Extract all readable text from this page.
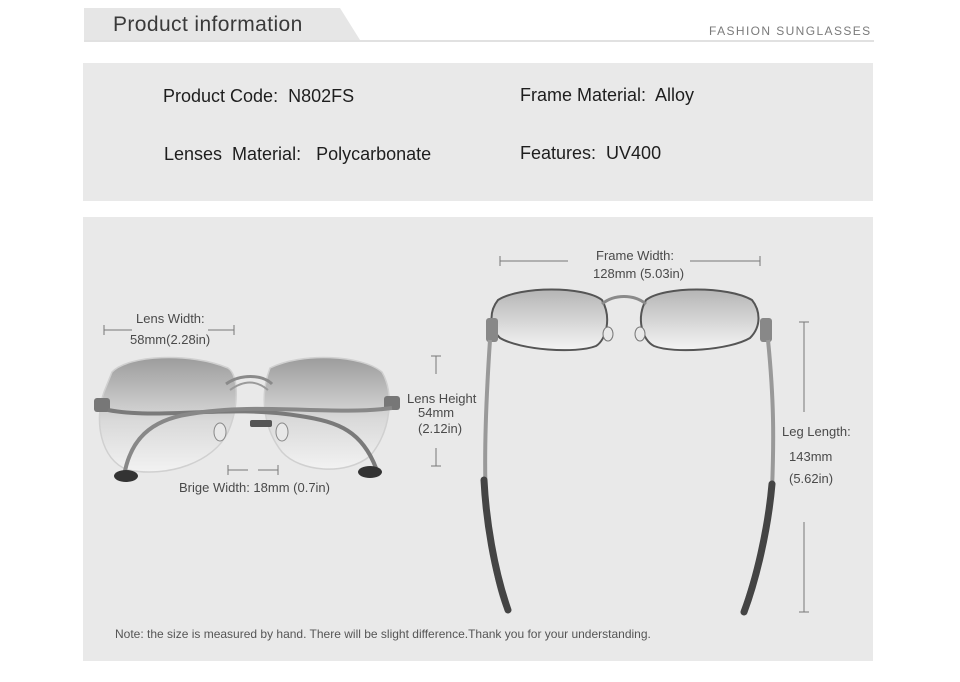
Product information	FASHION SUNGLASSES
Product Code:  N802FS	Frame Material:  Alloy
Lenses  Material:   Polycarbonate	Features:  UV400
Lens Width:
58mm(2.28in)
Lens Height
54mm
(2.12in)
Brige Width: 18mm (0.7in)
Frame Width:
128mm (5.03in)
Leg Length:
143mm
(5.62in)
Note: the size is measured by hand. There will be slight difference.Thank you for your understanding.
